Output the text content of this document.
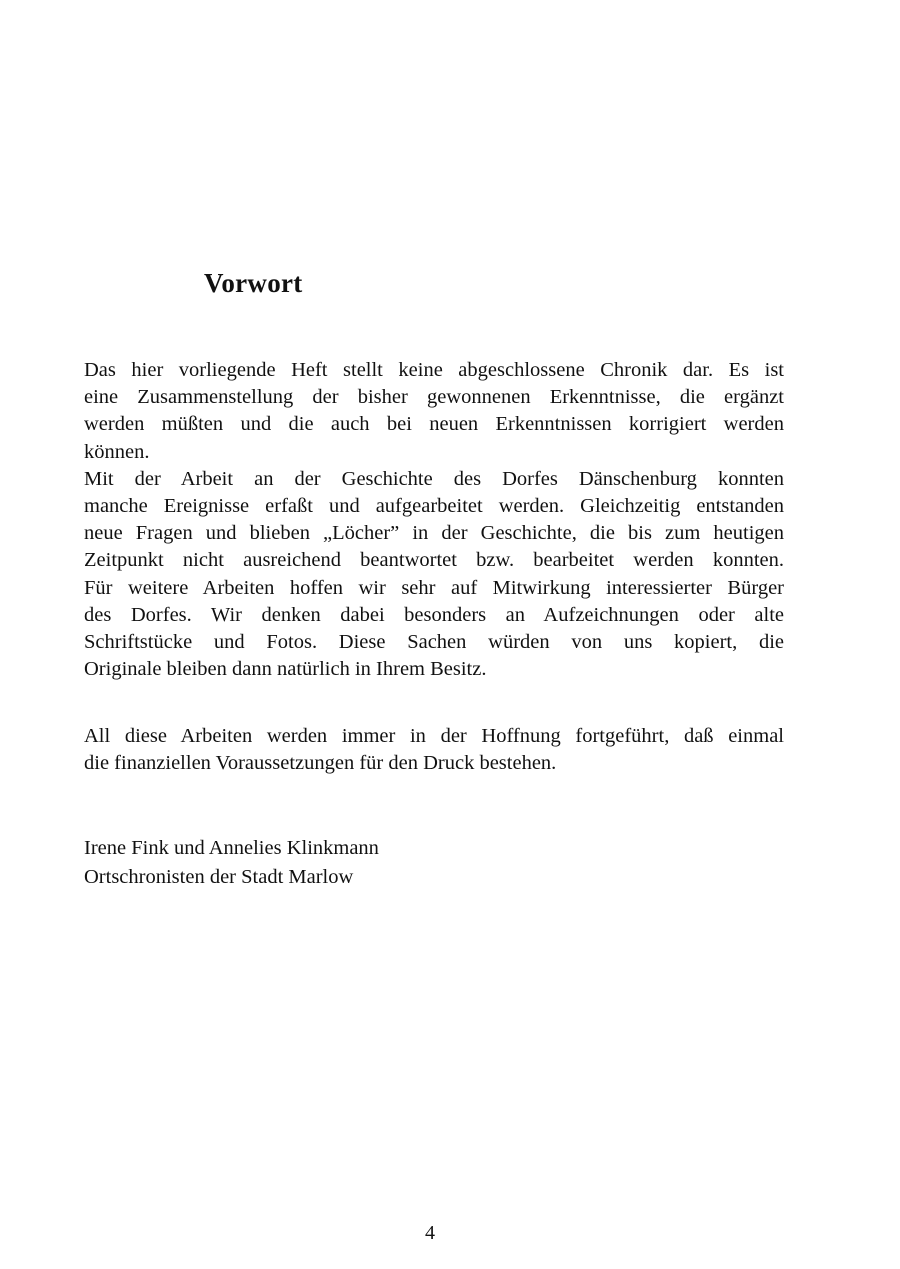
Vorwort

Das hier vorliegende Heft stellt keine abgeschlossene Chronik dar. Es ist
eine Zusammenstellung der bisher gewonnenen Erkenntnisse, die ergänzt
werden müßten und die auch bei neuen Erkenntnissen korrigiert werden
können.
Mit der Arbeit an der Geschichte des Dorfes Dänschenburg konnten
manche Ereignisse erfaßt und aufgearbeitet werden. Gleichzeitig entstanden
neue Fragen und blieben „Löcher” in der Geschichte, die bis zum heutigen
Zeitpunkt nicht ausreichend beantwortet bzw. bearbeitet werden konnten.
Für weitere Arbeiten hoffen wir sehr auf Mitwirkung interessierter Bürger
des Dorfes. Wir denken dabei besonders an Aufzeichnungen oder alte
Schriftstücke und Fotos. Diese Sachen würden von uns kopiert, die
Originale bleiben dann natürlich in Ihrem Besitz.

All diese Arbeiten werden immer in der Hoffnung fortgeführt, daß einmal
die finanziellen Voraussetzungen für den Druck bestehen.

Irene Fink und Annelies Klinkmann
Ortschronisten der Stadt Marlow

4
